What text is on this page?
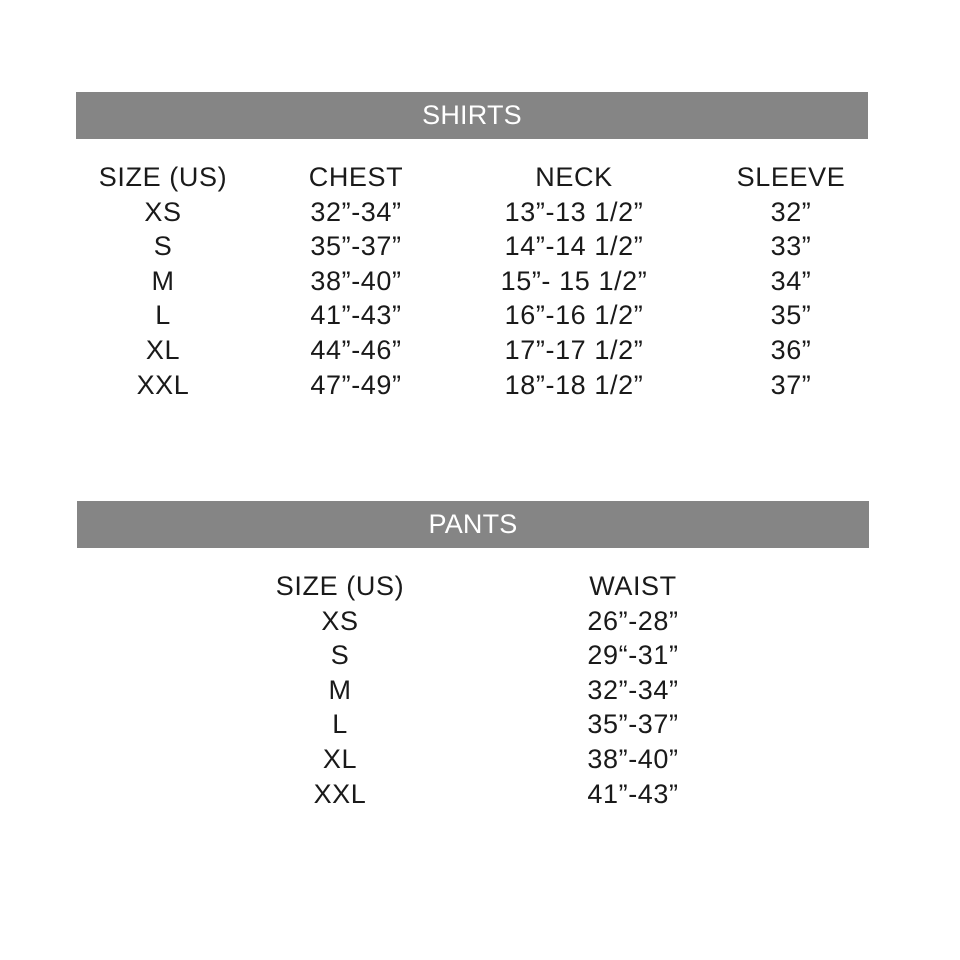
SHIRTS
SIZE (US)	CHEST	NECK	SLEEVE
XS	32”-34”	13”-13 1/2”	32”
S	35”-37”	14”-14 1/2”	33”
M	38”-40”	15”- 15 1/2”	34”
L	41”-43”	16”-16 1/2”	35”
XL	44”-46”	17”-17 1/2”	36”
XXL	47”-49”	18”-18 1/2”	37”
PANTS
SIZE (US)	WAIST
XS	26”-28”
S	29“-31”
M	32”-34”
L	35”-37”
XL	38”-40”
XXL	41”-43”
